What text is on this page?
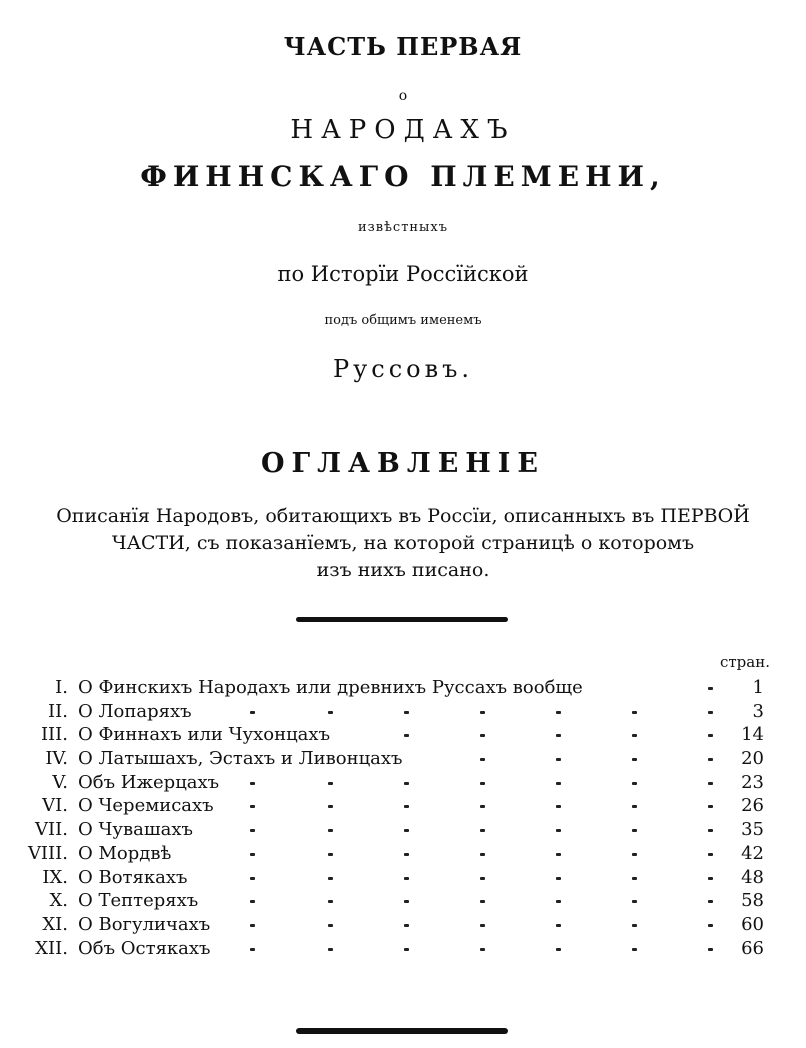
ЧАСТЬ ПЕРВАЯ
о
НАРОДАХЪ
ФИННСКАГО ПЛЕМЕНИ,
извѣстныхъ
по Исторїи Россїйской
подъ общимъ именемъ
Руссовъ.
ОГЛАВЛЕНІЕ
Описанїя Народовъ, обитающихъ въ Россїи, описанныхъ въ ПЕРВОЙ
ЧАСТИ, съ показанїемъ, на которой страницѣ о которомъ
изъ нихъ писано.
стран.
I. О Финскихъ Народахъ или древнихъ Руссахъ вообще	1
II. О Лопаряхъ	3
III. О Финнахъ или Чухонцахъ	14
IV. О Латышахъ, Эстахъ и Ливонцахъ	20
V. Объ Ижерцахъ	23
VI. О Черемисахъ	26
VII. О Чувашахъ	35
VIII. О Мордвѣ	42
IX. О Вотякахъ	48
X. О Тептеряхъ	58
XI. О Вогуличахъ	60
XII. Объ Остякахъ	66
